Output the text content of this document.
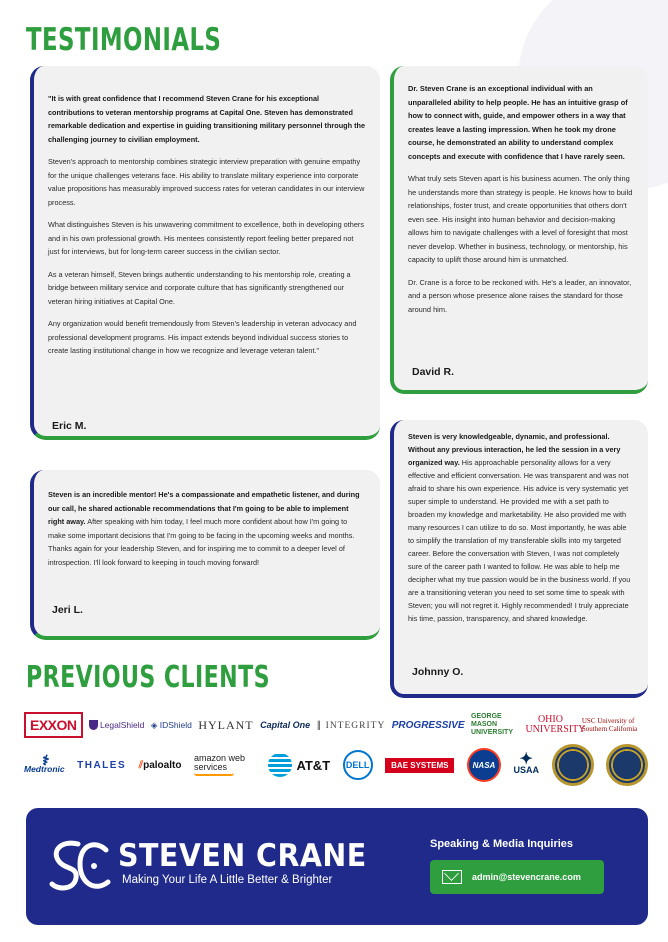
TESTIMONIALS

"It is with great confidence that I recommend Steven Crane for his exceptional contributions to veteran mentorship programs at Capital One. Steven has demonstrated remarkable dedication and expertise in guiding transitioning military personnel through the challenging journey to civilian employment.

Steven's approach to mentorship combines strategic interview preparation with genuine empathy for the unique challenges veterans face. His ability to translate military experience into corporate value propositions has measurably improved success rates for veteran candidates in our interview process.

What distinguishes Steven is his unwavering commitment to excellence, both in developing others and in his own professional growth. His mentees consistently report feeling better prepared not just for interviews, but for long-term career success in the civilian sector.

As a veteran himself, Steven brings authentic understanding to his mentorship role, creating a bridge between military service and corporate culture that has significantly strengthened our veteran hiring initiatives at Capital One.

Any organization would benefit tremendously from Steven's leadership in veteran advocacy and professional development programs. His impact extends beyond individual success stories to create lasting institutional change in how we recognize and leverage veteran talent."

Eric M.

Steven is an incredible mentor! He's a compassionate and empathetic listener, and during our call, he shared actionable recommendations that I'm going to be able to implement right away. After speaking with him today, I feel much more confident about how I'm going to make some important decisions that I'm going to be facing in the upcoming weeks and months. Thanks again for your leadership Steven, and for inspiring me to commit to a deeper level of introspection. I'll look forward to keeping in touch moving forward!

Jeri L.

Dr. Steven Crane is an exceptional individual with an unparalleled ability to help people. He has an intuitive grasp of how to connect with, guide, and empower others in a way that creates leave a lasting impression. When he took my drone course, he demonstrated an ability to understand complex concepts and execute with confidence that I have rarely seen.

What truly sets Steven apart is his business acumen. The only thing he understands more than strategy is people. He knows how to build relationships, foster trust, and create opportunities that others don't even see. His insight into human behavior and decision-making allows him to navigate challenges with a level of foresight that most never develop. Whether in business, technology, or mentorship, his capacity to uplift those around him is unmatched.

Dr. Crane is a force to be reckoned with. He's a leader, an innovator, and a person whose presence alone raises the standard for those around him.

David R.

Steven is very knowledgeable, dynamic, and professional. Without any previous interaction, he led the session in a very organized way. His approachable personality allows for a very effective and efficient conversation. He was transparent and was not afraid to share his own experience. His advice is very systematic yet super simple to understand. He provided me with a set path to broaden my knowledge and marketability. He also provided me with many resources I can utilize to do so. Most importantly, he was able to simplify the translation of my transferable skills into my targeted career. Before the conversation with Steven, I was not completely sure of the career path I wanted to follow. He was able to help me decipher what my true passion would be in the business world. If you are a transitioning veteran you need to set some time to speak with Steven; you will not regret it. Highly recommended! I truly appreciate his time, passion, transparency, and shared knowledge.

Johnny O.
PREVIOUS CLIENTS
EXXON	LegalShield ◈ IDShield HYLANT Capital One ∥ INTEGRITY PROGRESSIVE
GEORGE MASON UNIVERSITY
OHIO UNIVERSITY
USC University of Southern California
⚕
Medtronic THALES ⫽paloalto
amazon web services	AT&T	DELL	BAE SYSTEMS	NASA	✦
USAA
STEVEN CRANE
Making Your Life A Little Better & Brighter
Speaking & Media Inquiries
admin@stevencrane.com
